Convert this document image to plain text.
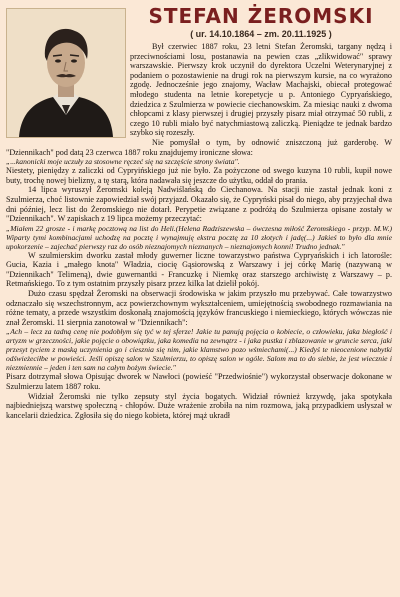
STEFAN ŻEROMSKI
( ur. 14.10.1864 – zm. 20.11.1925 )

Był czerwiec 1887 roku, 23 letni Stefan Żeromski, targany nędzą i przeciwnościami losu, postanawia na pewien czas „zlikwidować" sprawy warszawskie. Pierwszy krok uczynił do dyrektora Uczelni Weterynaryjnej z podaniem o pozostawienie na drugi rok na pierwszym kursie, na co wyrażono zgodę. Jednocześnie jego znajomy, Wacław Machajski, obiecał protegować młodego studenta na letnie korepetycje u p. Antoniego Cypryańskiego, dziedzica z Szulmierza w powiecie ciechanowskim. Za miesiąc nauki z dwoma chłopcami z klasy pierwszej i drugiej przyszły pisarz miał otrzymać 50 rubli, z czego 10 rubli miało być natychmiastową zaliczką. Pieniądze te jednak bardzo szybko się rozeszły.

Nie pomyślał o tym, by odnowić zniszczoną już garderobę. W "Dziennikach" pod datą 23 czerwca 1887 roku znajdujemy ironiczne słowa:

„...kanonicki moje uczuły za stosowne ręczeć się na szczęście strony świata".

Niestety, pieniędzy z zaliczki od Cypryińskiego już nie było. Za pożyczone od swego kuzyna 10 rubli, kupił nowe buty, trochę nowej bielizny, a tę starą, która nadawała się jeszcze do użytku, oddał do prania.

14 lipca wyruszył Żeromski koleją Nadwiślańską do Ciechanowa. Na stacji nie zastał jednak koni z Szulmierza, choć listownie zapowiedział swój przyjazd. Okazało się, że Cypryński pisał do niego, aby przyjechał dwa dni później, lecz list do Żeromskiego nie dotarł. Perypetie związane z podróżą do Szulmierza opisane zostały w "Dziennikach". W zapiskach z 19 lipca możemy przeczytać:

„Miałem 22 grosze - i markę pocztową na list do Heli.(Helena Radziszewska – ówczesna miłość Żeromskiego - przyp. M.W.) Wiparty tymi kombinacjami uchodzę na pocztę i wynajmuję ekstra pocztę za 10 złotych i jadę(...) Jakieś to było dla mnie upokorzenie – zajechać pierwszy raz do osób nieznajomych nieznanych – nieznajomych konni! Trudno jednak."

W szulmierskim dworku zastał młody guwerner liczne towarzystwo państwa Cypryańskich i ich latorośle: Gucia, Kazia i „małego knota" Władzia, ciocię Gąsiorowską z Warszawy i jej córkę Marię (nazywaną w "Dziennikach" Telimeną), dwie guwernantki - Francuzkę i Niemkę oraz starszego archiwistę z Warszawy – p. Retmańskiego. To z tym ostatnim przyszły pisarz przez kilka lat dzielił pokój.

Dużo czasu spędzał Żeromski na obserwacji środowiska w jakim przyszło mu przebywać. Całe towarzystwo odznaczało się wszechstronnym, acz powierzchownym wykształceniem, umiejętnością swobodnego rozmawiania na różne tematy, a przede wszystkim doskonałą znajomością języków francuskiego i niemieckiego, których wówczas nie znał Żeromski. 11 sierpnia zanotował w "Dziennikach":

„Ach – lecz za tadną cenę nie podobłym się tyć w tej sferze! Jakie tu panują pojęcia o kobiecie, o człowieku, jaka biegłość i artyzm w grzeczności, jakie pojęcie o obowiązku, jaka komedia na zewnątrz - i jaka pustka i zblazowanie w gruncie serca, jaki przesyt tyciem z maską uczynienia go i ciesznia się nim, jakie klamstwo pozo wśmiechami(...) Kiedyś te nieocenione nabytki odświeżeciłbe w powieści. Jeśli opiszę salon w Szulmierzu, to opiszę salon w ogóle. Salom ma to do siebie, że jest wieczniе i niezmiennie – jeden i ten sam na całym bożym świecie."

Pisarz dotrzymał słowa Opisując dworek w Nawłoci (powieść "Przedwiośnie") wykorzystał obserwacje dokonane w Szulmierzu latem 1887 roku.

Widział Żeromski nie tylko zepsuty styl życia bogatych. Widział również krzywdę, jaka spotykała najbiedniejszą warstwę społeczną - chłopów. Duże wrażenie zrobiła na nim rozmowa, jaką przypadkiem usłyszał w kancelarii dziedzica. Zgłosiła się do niego kobieta, której mąż ukradł
